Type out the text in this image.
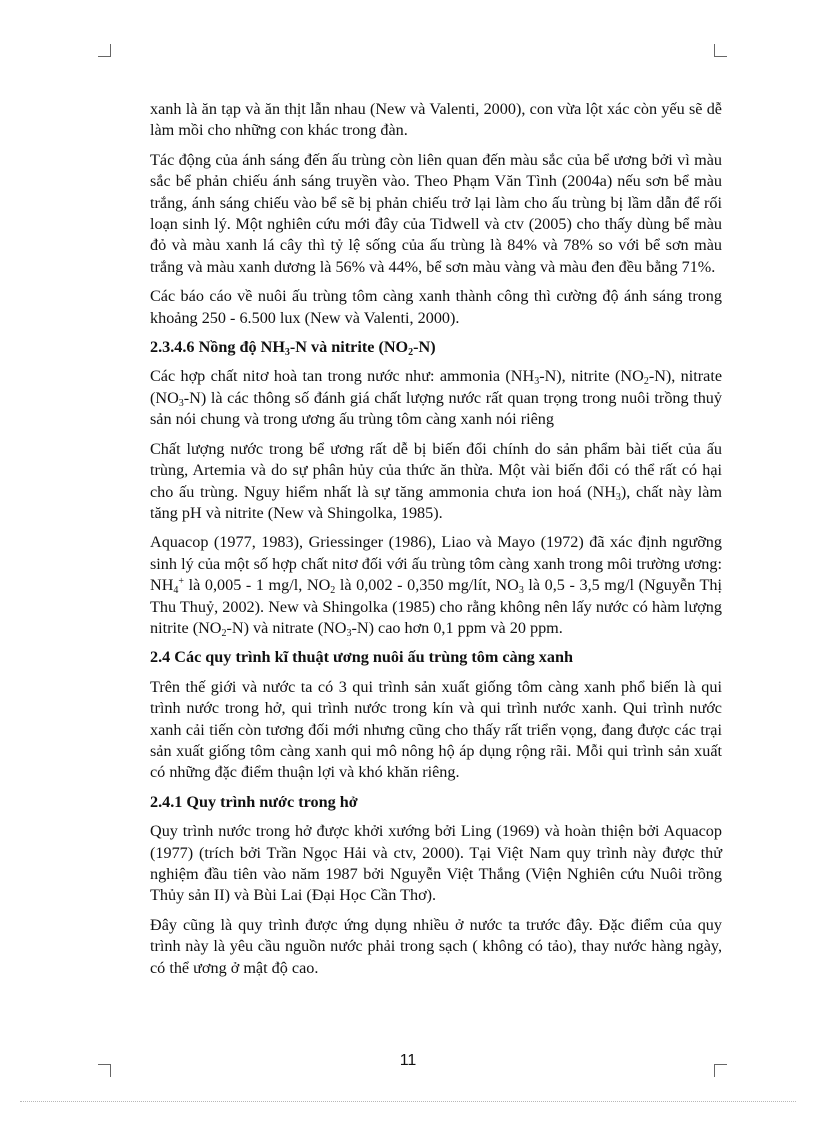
xanh là ăn tạp và ăn thịt lẫn nhau (New và Valenti, 2000), con vừa lột xác còn yếu sẽ dễ làm mồi cho những con khác trong đàn.

Tác động của ánh sáng đến ấu trùng còn liên quan đến màu sắc của bể ương bởi vì màu sắc bể phản chiếu ánh sáng truyền vào. Theo Phạm Văn Tình (2004a) nếu sơn bể màu trắng, ánh sáng chiếu vào bể sẽ bị phản chiếu trở lại làm cho ấu trùng bị lầm dẫn để rối loạn sinh lý. Một nghiên cứu mới đây của Tidwell và ctv (2005) cho thấy dùng bể màu đỏ và màu xanh lá cây thì tỷ lệ sống của ấu trùng là 84% và 78% so với bể sơn màu trắng và màu xanh dương là 56% và 44%, bể sơn màu vàng và màu đen đều bằng 71%.

Các báo cáo về nuôi ấu trùng tôm càng xanh thành công thì cường độ ánh sáng trong khoảng 250 - 6.500 lux (New và Valenti, 2000).

2.3.4.6 Nồng độ $NH_3-N$ và nitrite $(NO_2-N)$

Các hợp chất nitơ hoà tan trong nước như: ammonia $(NH_3-N)$, nitrite $(NO_2-N)$, nitrate $(NO_3-N)$ là các thông số đánh giá chất lượng nước rất quan trọng trong nuôi trồng thuỷ sản nói chung và trong ương ấu trùng tôm càng xanh nói riêng

Chất lượng nước trong bể ương rất dễ bị biến đổi chính do sản phẩm bài tiết của ấu trùng, Artemia và do sự phân hủy của thức ăn thừa. Một vài biến đổi có thể rất có hại cho ấu trùng. Nguy hiểm nhất là sự tăng ammonia chưa ion hoá $(NH_3)$, chất này làm tăng pH và nitrite (New và Shingolka, 1985).

Aquacop (1977, 1983), Griessinger (1986), Liao và Mayo (1972) đã xác định ngưỡng sinh lý của một số hợp chất nitơ đối với ấu trùng tôm càng xanh trong môi trường ương: $NH_4^+$ là 0,005 - 1 mg/l, $NO_2$ là 0,002 - 0,350 mg/lít, $NO_3$ là 0,5 - 3,5 mg/l (Nguyễn Thị Thu Thuỷ, 2002). New và Shingolka (1985) cho rằng không nên lấy nước có hàm lượng nitrite $(NO_2-N)$ và nitrate $(NO_3-N)$ cao hơn 0,1 ppm và 20 ppm.

2.4 Các quy trình kĩ thuật ương nuôi ấu trùng tôm càng xanh

Trên thế giới và nước ta có 3 qui trình sản xuất giống tôm càng xanh phổ biến là qui trình nước trong hở, qui trình nước trong kín và qui trình nước xanh. Qui trình nước xanh cải tiến còn tương đối mới nhưng cũng cho thấy rất triển vọng, đang được các trại sản xuất giống tôm càng xanh qui mô nông hộ áp dụng rộng rãi. Mỗi qui trình sản xuất có những đặc điểm thuận lợi và khó khăn riêng.

2.4.1 Quy trình nước trong hở

Quy trình nước trong hở được khởi xướng bởi Ling (1969) và hoàn thiện bởi Aquacop (1977) (trích bởi Trần Ngọc Hải và ctv, 2000). Tại Việt Nam quy trình này được thử nghiệm đầu tiên vào năm 1987 bởi Nguyễn Việt Thắng (Viện Nghiên cứu Nuôi trồng Thủy sản II) và Bùi Lai (Đại Học Cần Thơ).

Đây cũng là quy trình được ứng dụng nhiều ở nước ta trước đây. Đặc điểm của quy trình này là yêu cầu nguồn nước phải trong sạch ( không có tảo), thay nước hàng ngày, có thể ương ở mật độ cao.

11
